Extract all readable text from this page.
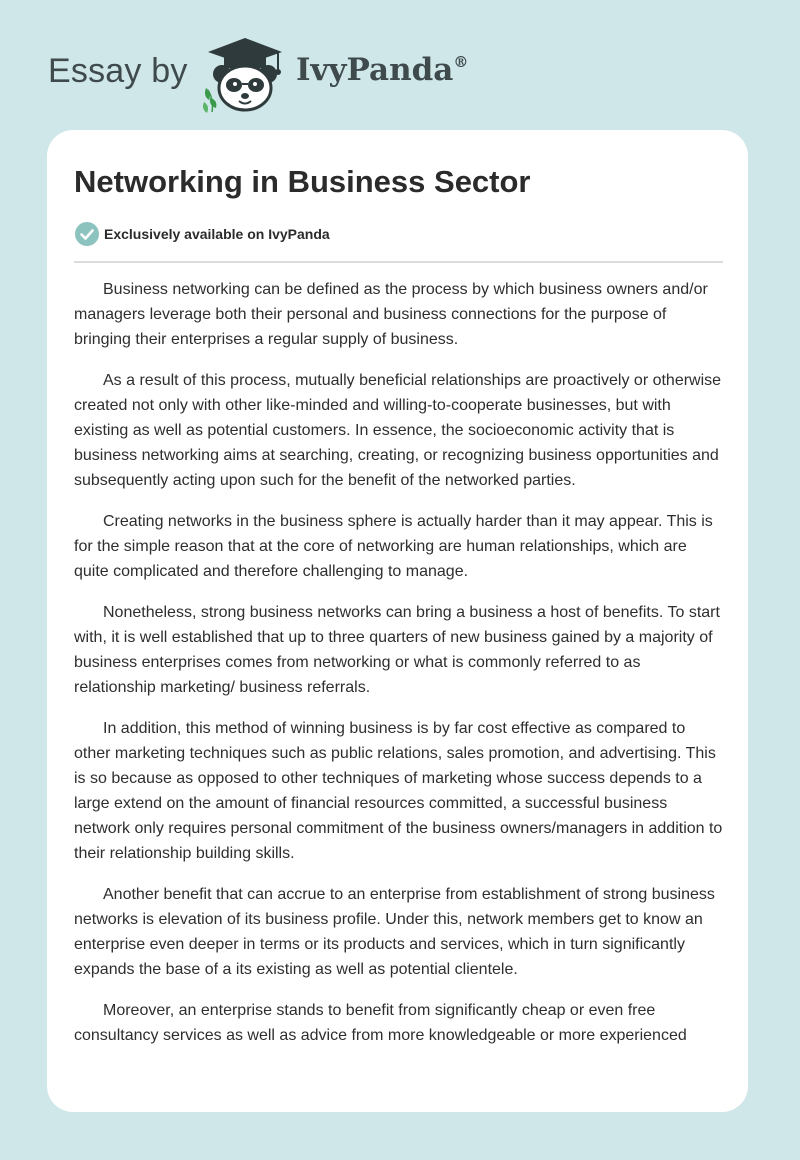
Essay by	IvyPanda®
Networking in Business Sector
Exclusively available on IvyPanda

Business networking can be defined as the process by which business owners and/or managers leverage both their personal and business connections for the purpose of bringing their enterprises a regular supply of business.

As a result of this process, mutually beneficial relationships are proactively or otherwise created not only with other like-minded and willing-to-cooperate businesses, but with existing as well as potential customers. In essence, the socioeconomic activity that is business networking aims at searching, creating, or recognizing business opportunities and subsequently acting upon such for the benefit of the networked parties.

Creating networks in the business sphere is actually harder than it may appear. This is for the simple reason that at the core of networking are human relationships, which are quite complicated and therefore challenging to manage.

Nonetheless, strong business networks can bring a business a host of benefits. To start with, it is well established that up to three quarters of new business gained by a majority of business enterprises comes from networking or what is commonly referred to as relationship marketing/ business referrals.

In addition, this method of winning business is by far cost effective as compared to other marketing techniques such as public relations, sales promotion, and advertising. This is so because as opposed to other techniques of marketing whose success depends to a large extend on the amount of financial resources committed, a successful business network only requires personal commitment of the business owners/managers in addition to their relationship building skills.

Another benefit that can accrue to an enterprise from establishment of strong business networks is elevation of its business profile. Under this, network members get to know an enterprise even deeper in terms or its products and services, which in turn significantly expands the base of a its existing as well as potential clientele.

Moreover, an enterprise stands to benefit from significantly cheap or even free consultancy services as well as advice from more knowledgeable or more experienced
